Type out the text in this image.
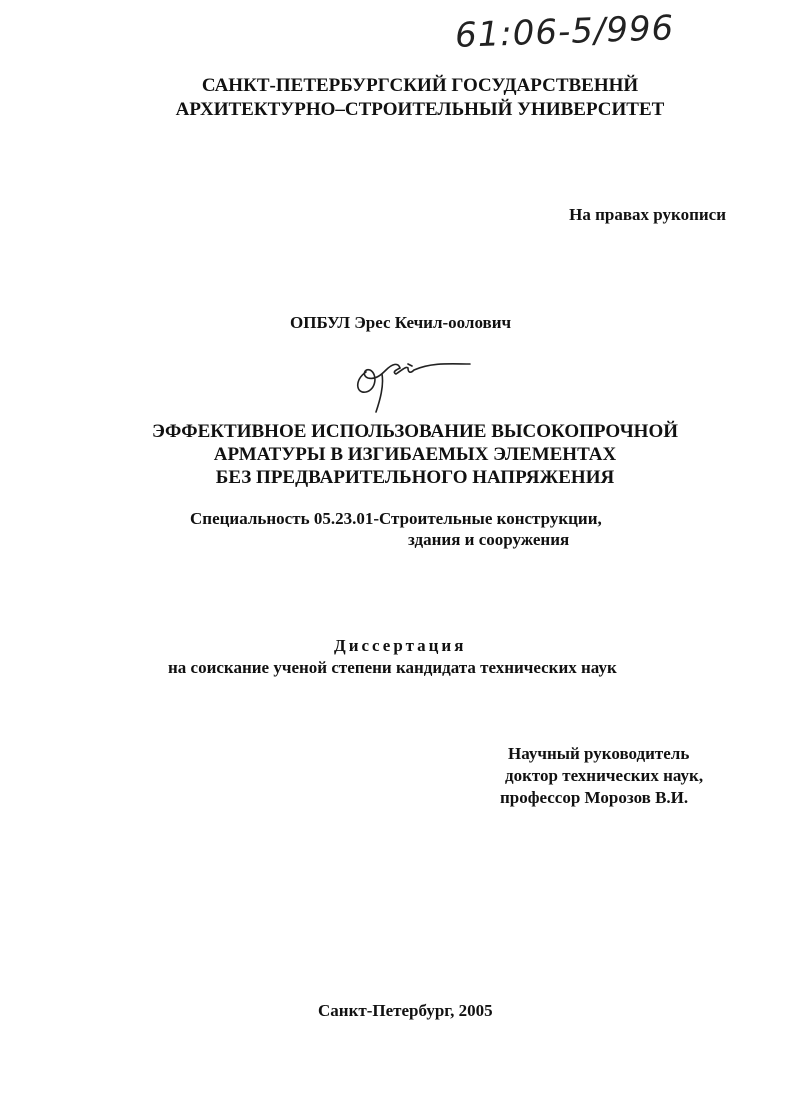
61:06-5/996
САНКТ-ПЕТЕРБУРГСКИЙ ГОСУДАРСТВЕННЙ
АРХИТЕКТУРНО–СТРОИТЕЛЬНЫЙ УНИВЕРСИТЕТ
На правах рукописи
ОПБУЛ Эрес Кечил-оолович
ЭФФЕКТИВНОЕ ИСПОЛЬЗОВАНИЕ ВЫСОКОПРОЧНОЙ
АРМАТУРЫ В ИЗГИБАЕМЫХ ЭЛЕМЕНТАХ
БЕЗ ПРЕДВАРИТЕЛЬНОГО НАПРЯЖЕНИЯ
Специальность 05.23.01-Строительные конструкции,
здания и сооружения
Диссертация
на соискание ученой степени кандидата технических наук
Научный руководитель
доктор технических наук,
профессор Морозов В.И.
Санкт-Петербург, 2005
